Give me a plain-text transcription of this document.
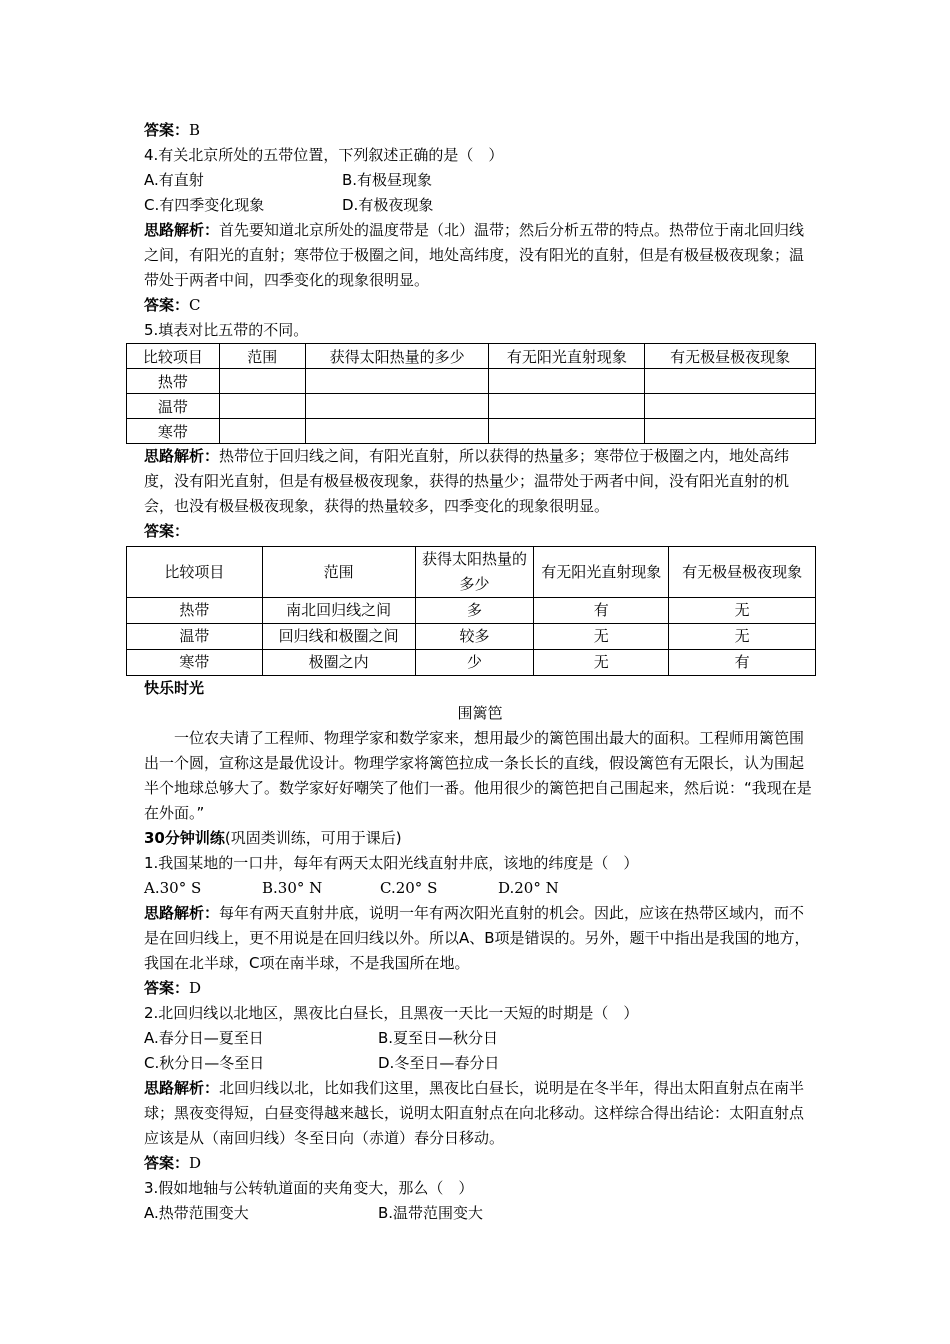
答案：B
4.有关北京所处的五带位置，下列叙述正确的是（　）
A.有直射	B.有极昼现象
C.有四季变化现象	D.有极夜现象
思路解析：首先要知道北京所处的温度带是（北）温带；然后分析五带的特点。热带位于南北回归线之间，有阳光的直射；寒带位于极圈之间，地处高纬度，没有阳光的直射，但是有极昼极夜现象；温带处于两者中间，四季变化的现象很明显。
答案：C
5.填表对比五带的不同。
比较项目	范围	获得太阳热量的多少	有无阳光直射现象	有无极昼极夜现象
热带				
温带				
寒带				
思路解析：热带位于回归线之间，有阳光直射，所以获得的热量多；寒带位于极圈之内，地处高纬度，没有阳光直射，但是有极昼极夜现象，获得的热量少；温带处于两者中间，没有阳光直射的机会，也没有极昼极夜现象，获得的热量较多，四季变化的现象很明显。
答案：
比较项目	范围	获得太阳热量的多少	有无阳光直射现象	有无极昼极夜现象
热带	南北回归线之间	多	有	无
温带	回归线和极圈之间	较多	无	无
寒带	极圈之内	少	无	有
快乐时光
围篱笆
一位农夫请了工程师、物理学家和数学家来，想用最少的篱笆围出最大的面积。工程师用篱笆围出一个圆，宣称这是最优设计。物理学家将篱笆拉成一条长长的直线，假设篱笆有无限长，认为围起半个地球总够大了。数学家好好嘲笑了他们一番。他用很少的篱笆把自己围起来，然后说：“我现在是在外面。”
30分钟训练(巩固类训练，可用于课后)
1.我国某地的一口井，每年有两天太阳光线直射井底，该地的纬度是（　）
A.30° S	B.30° N	C.20° S	D.20° N
思路解析：每年有两天直射井底，说明一年有两次阳光直射的机会。因此，应该在热带区域内，而不是在回归线上，更不用说是在回归线以外。所以A、B项是错误的。另外，题干中指出是我国的地方，我国在北半球，C项在南半球，不是我国所在地。
答案：D
2.北回归线以北地区，黑夜比白昼长，且黑夜一天比一天短的时期是（　）
A.春分日—夏至日	B.夏至日—秋分日
C.秋分日—冬至日	D.冬至日—春分日
思路解析：北回归线以北，比如我们这里，黑夜比白昼长，说明是在冬半年，得出太阳直射点在南半球；黑夜变得短，白昼变得越来越长，说明太阳直射点在向北移动。这样综合得出结论：太阳直射点应该是从（南回归线）冬至日向（赤道）春分日移动。
答案：D
3.假如地轴与公转轨道面的夹角变大，那么（　）
A.热带范围变大	B.温带范围变大
